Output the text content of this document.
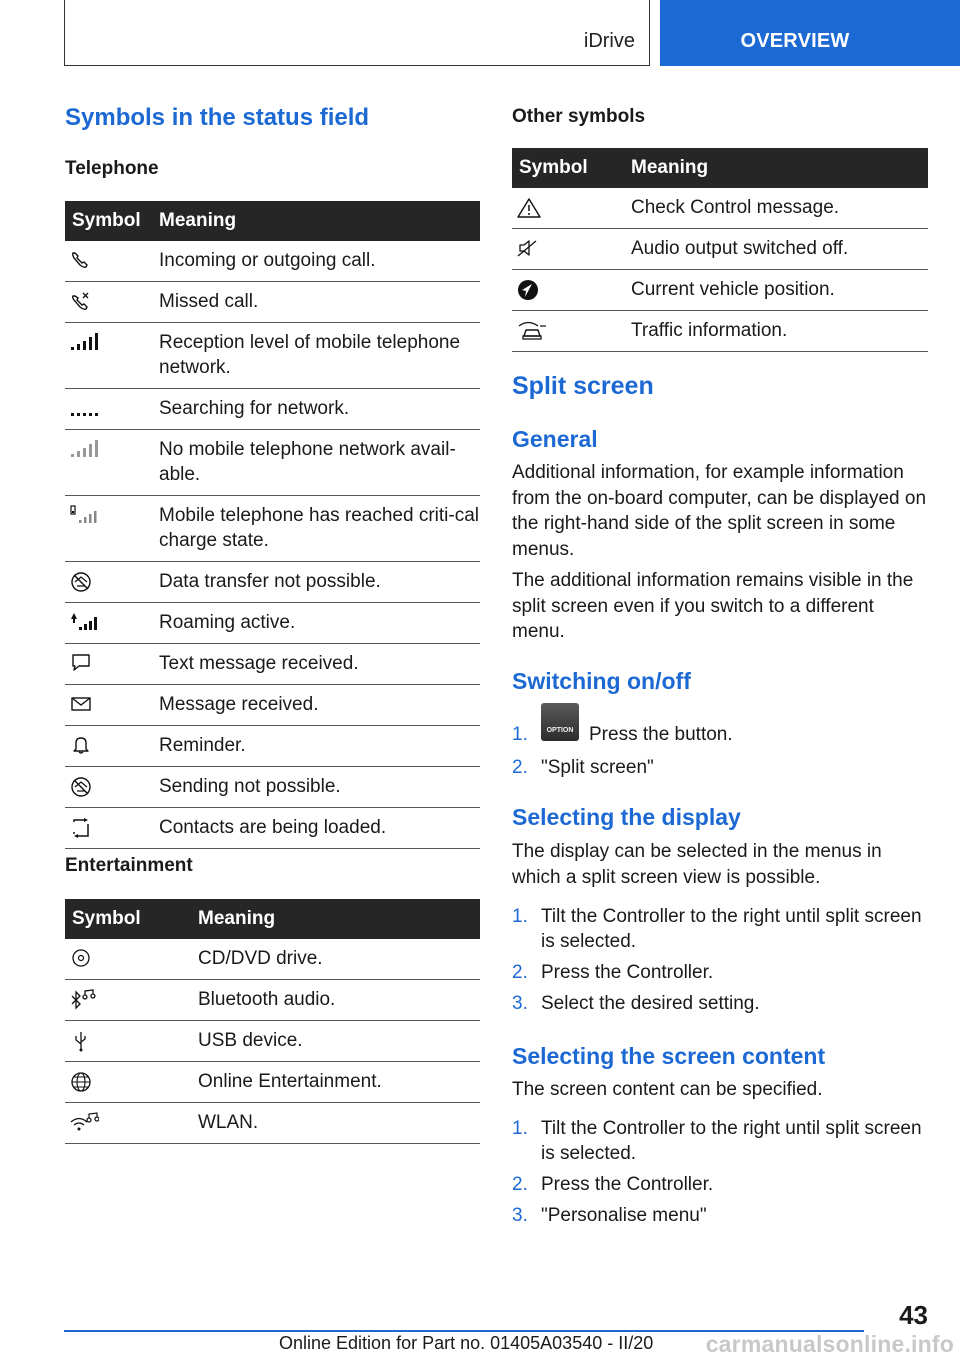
iDrive	OVERVIEW
Symbols in the status field
Telephone
Symbol	Meaning

	Incoming or outgoing call.

	Missed call.

	Reception level of mobile telephone network.

	Searching for network.

	No mobile telephone network avail-able.

	Mobile telephone has reached criti-cal charge state.

	Data transfer not possible.

	Roaming active.

	Text message received.

	Message received.

	Reminder.

	Sending not possible.

	Contacts are being loaded.
Entertainment
Symbol	Meaning

	CD/DVD drive.

	Bluetooth audio.

	USB device.

	Online Entertainment.

	WLAN.
Other symbols
Symbol	Meaning

	Check Control message.

	Audio output switched off.

	Current vehicle position.

	Traffic information.
Split screen
General
Additional information, for example information from the on-board computer, can be displayed on the right-hand side of the split screen in some menus.
The additional information remains visible in the split screen even if you switch to a different menu.
Switching on/off
1.	OPTION Press the button.
2. "Split screen"
Selecting the display
The display can be selected in the menus in which a split screen view is possible.
1. Tilt the Controller to the right until split screen is selected.
2. Press the Controller.
3. Select the desired setting.
Selecting the screen content
The screen content can be specified.
1. Tilt the Controller to the right until split screen is selected.
2. Press the Controller.
3. "Personalise menu"
43
Online Edition for Part no. 01405A03540 - II/20 carmanualsonline.info
